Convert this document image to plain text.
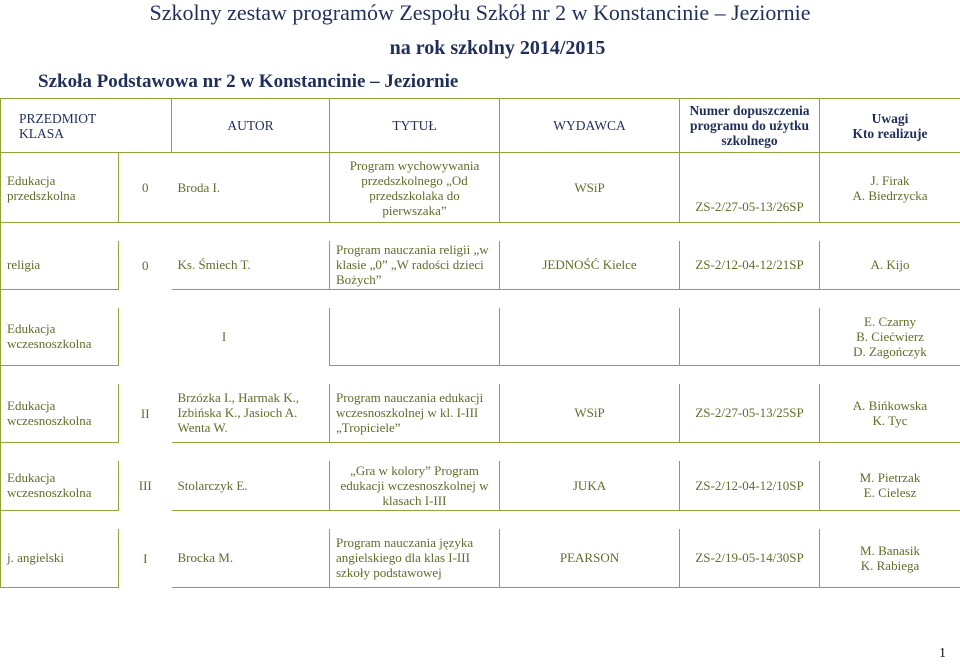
Szkolny zestaw programów Zespołu Szkół nr 2 w Konstancinie – Jeziornie
na rok szkolny 2014/2015
Szkoła Podstawowa nr 2 w Konstancinie – Jeziornie
PRZEDMIOT  KLASA		AUTOR	TYTUŁ	WYDAWCA	Numer dopuszczenia programu do użytku szkolnego	Uwagi
Kto realizuje

Edukacja przedszkolna	0	Broda I.	Program wychowywania przedszkolnego „Od przedszkolaka do pierwszaka”	WSiP	ZS-2/27-05-13/26SP	J. Firak
A. Biedrzycka

religia	0	Ks. Śmiech T.	Program nauczania religii „w klasie „0” „W radości dzieci Bożych”	JEDNOŚĆ Kielce	ZS-2/12-04-12/21SP	A. Kijo

Edukacja wczesnoszkolna	I					E. Czarny
B. Ciećwierz
D. Zagończyk

Edukacja wczesnoszkolna	II	Brzózka I., Harmak K., Izbińska K., Jasioch A. Wenta W.	Program nauczania edukacji wczesnoszkolnej w kl. I-III „Tropiciele”	WSiP	ZS-2/27-05-13/25SP	A. Bińkowska
K. Tyc

Edukacja wczesnoszkolna	III	Stolarczyk E.	„Gra w kolory” Program edukacji wczesnoszkolnej w klasach I-III	JUKA	ZS-2/12-04-12/10SP	M. Pietrzak
E. Cielesz

j. angielski	I	Brocka M.	Program nauczania języka angielskiego dla klas I-III szkoły podstawowej	PEARSON	ZS-2/19-05-14/30SP	M. Banasik
K. Rabiega
1
